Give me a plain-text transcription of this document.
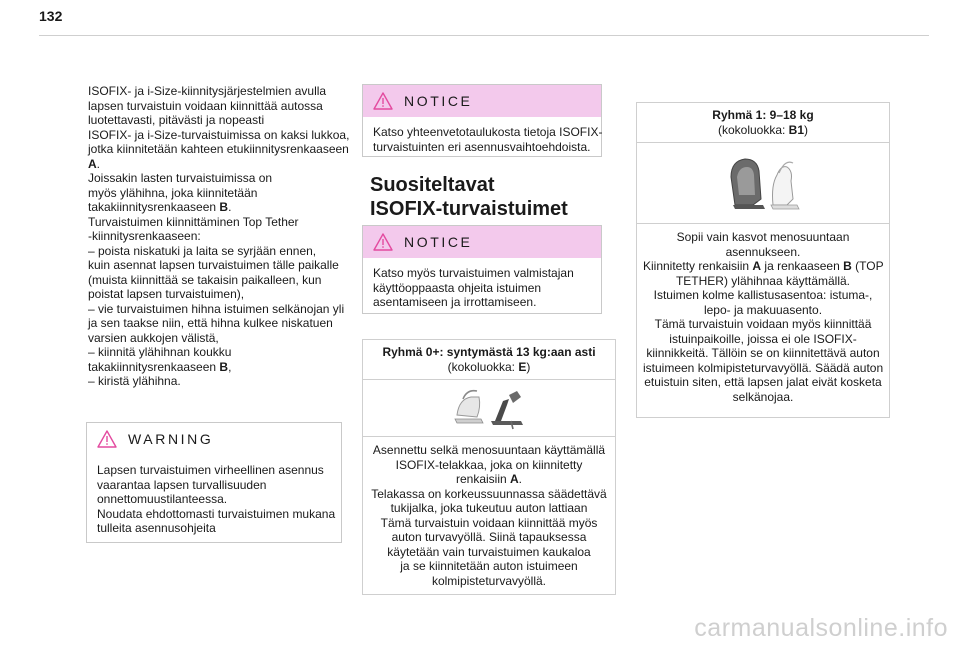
132
ISOFIX- ja i-Size-kiinnitysjärjestelmien avulla
lapsen turvaistuin voidaan kiinnittää autossa
luotettavasti, pitävästi ja nopeasti
ISOFIX- ja i-Size-turvaistuimissa on kaksi lukkoa,
jotka kiinnitetään kahteen etukiinnitysrenkaaseen
A.
Joissakin lasten turvaistuimissa on
myös ylähihna, joka kiinnitetään
takakiinnitysrenkaaseen B.
Turvaistuimen kiinnittäminen Top Tether
-kiinnitysrenkaaseen:
– poista niskatuki ja laita se syrjään ennen,
kuin asennat lapsen turvaistuimen tälle paikalle
(muista kiinnittää se takaisin paikalleen, kun
poistat lapsen turvaistuimen),
– vie turvaistuimen hihna istuimen selkänojan yli
ja sen taakse niin, että hihna kulkee niskatuen
varsien aukkojen välistä,
– kiinnitä ylähihnan koukku
takakiinnitysrenkaaseen B,
– kiristä ylähihna.
WARNING
Lapsen turvaistuimen virheellinen asennus
vaarantaa lapsen turvallisuuden
onnettomuustilanteessa.
Noudata ehdottomasti turvaistuimen mukana
tulleita asennusohjeita
NOTICE
Katso yhteenvetotaulukosta tietoja ISOFIX-
turvaistuinten eri asennusvaihtoehdoista.
Suositeltavat
ISOFIX-turvaistuimet
NOTICE
Katso myös turvaistuimen valmistajan
käyttöoppaasta ohjeita istuimen
asentamiseen ja irrottamiseen.
Ryhmä 0+: syntymästä 13 kg:aan asti
(kokoluokka: E)
Asennettu selkä menosuuntaan käyttämällä
ISOFIX-telakkaa, joka on kiinnitetty
renkaisiin A.
Telakassa on korkeussuunnassa säädettävä
tukijalka, joka tukeutuu auton lattiaan
Tämä turvaistuin voidaan kiinnittää myös
auton turvavyöllä. Siinä tapauksessa
käytetään vain turvaistuimen kaukaloa
ja se kiinnitetään auton istuimeen
kolmipisteturvavyöllä.
Ryhmä 1: 9–18 kg
(kokoluokka: B1)
Sopii vain kasvot menosuuntaan
asennukseen.
Kiinnitetty renkaisiin A ja renkaaseen B (TOP
TETHER) ylähihnaa käyttämällä.
Istuimen kolme kallistusasentoa: istuma-,
lepo- ja makuuasento.
Tämä turvaistuin voidaan myös kiinnittää
istuinpaikoille, joissa ei ole ISOFIX-
kiinnikkeitä. Tällöin se on kiinnitettävä auton
istuimeen kolmipisteturvavyöllä. Säädä auton
etuistuin siten, että lapsen jalat eivät kosketa
selkänojaa.
carmanualsonline.info
